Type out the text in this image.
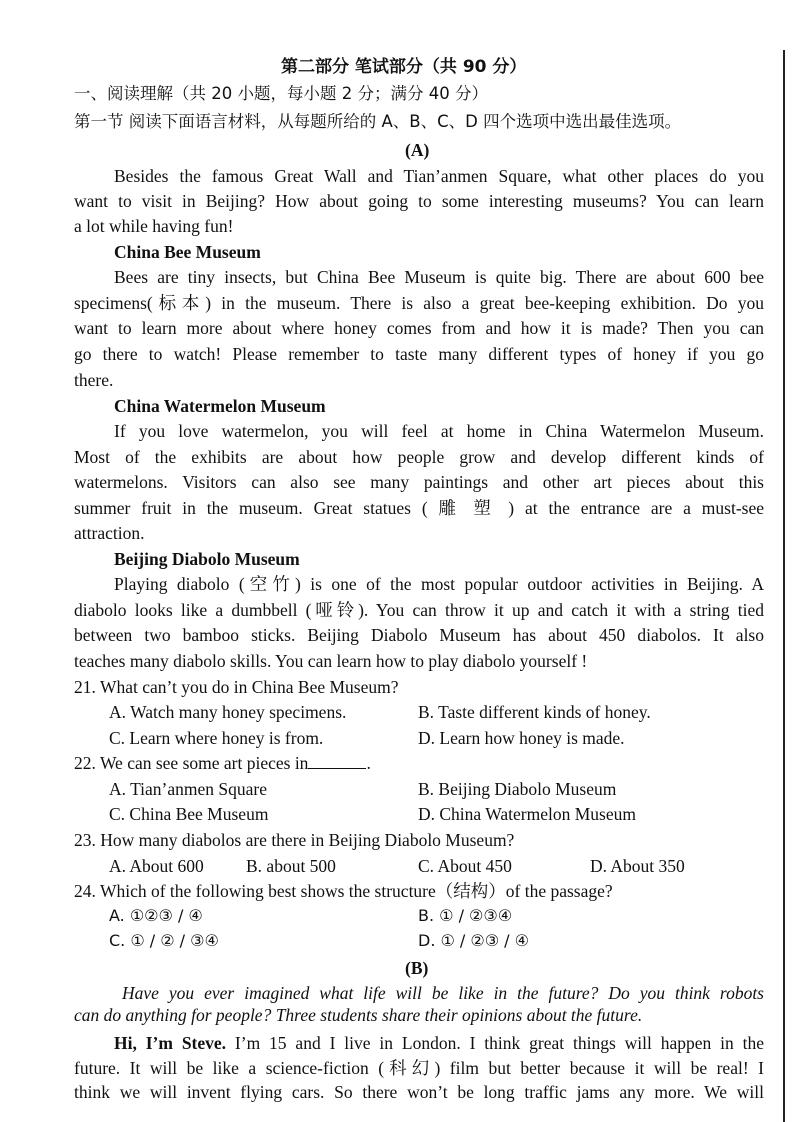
第二部分 笔试部分（共 90 分）
一、阅读理解（共 20 小题，每小题 2 分；满分 40 分）
第一节 阅读下面语言材料，从每题所给的 A、B、C、D 四个选项中选出最佳选项。
(A)
Besides the famous Great Wall and Tian’anmen Square, what other places do you
want to visit in Beijing? How about going to some interesting museums? You can learn
a lot while having fun!
China Bee Museum
Bees are tiny insects, but China Bee Museum is quite big. There are about 600 bee
specimens(标本) in the museum. There is also a great bee-keeping exhibition. Do you
want to learn more about where honey comes from and how it is made? Then you can
go there to watch! Please remember to taste many different types of honey if you go
there.
China Watermelon Museum
If you love watermelon, you will feel at home in China Watermelon Museum.
Most of the exhibits are about how people grow and develop different kinds of
watermelons. Visitors can also see many paintings and other art pieces about this
summer fruit in the museum. Great statues ( 雕 塑 ) at the entrance are a must-see
attraction.
Beijing Diabolo Museum
Playing diabolo (空竹) is one of the most popular outdoor activities in Beijing. A
diabolo looks like a dumbbell (哑铃). You can throw it up and catch it with a string tied
between two bamboo sticks. Beijing Diabolo Museum has about 450 diabolos. It also
teaches many diabolo skills. You can learn how to play diabolo yourself !
21. What can’t you do in China Bee Museum?
A. Watch many honey specimens.	B. Taste different kinds of honey.
C. Learn where honey is from.	D. Learn how honey is made.
22. We can see some art pieces in	.
A. Tian’anmen Square	B. Beijing Diabolo Museum
C. China Bee Museum	D. China Watermelon Museum
23. How many diabolos are there in Beijing Diabolo Museum?
A. About 600 B. about 500	C. About 450	D. About 350
24. Which of the following best shows the structure（结构）of the passage?
A. ①②③ / ④	B. ① / ②③④
C. ① / ② / ③④	D. ① / ②③ / ④
(B)
Have you ever imagined what life will be like in the future? Do you think robots
can do anything for people? Three students share their opinions about the future.
Hi, I’m Steve. I’m 15 and I live in London. I think great things will happen in the
future. It will be like a science-fiction (科幻) film but better because it will be real! I
think we will invent flying cars. So there won’t be long traffic jams any more. We will
